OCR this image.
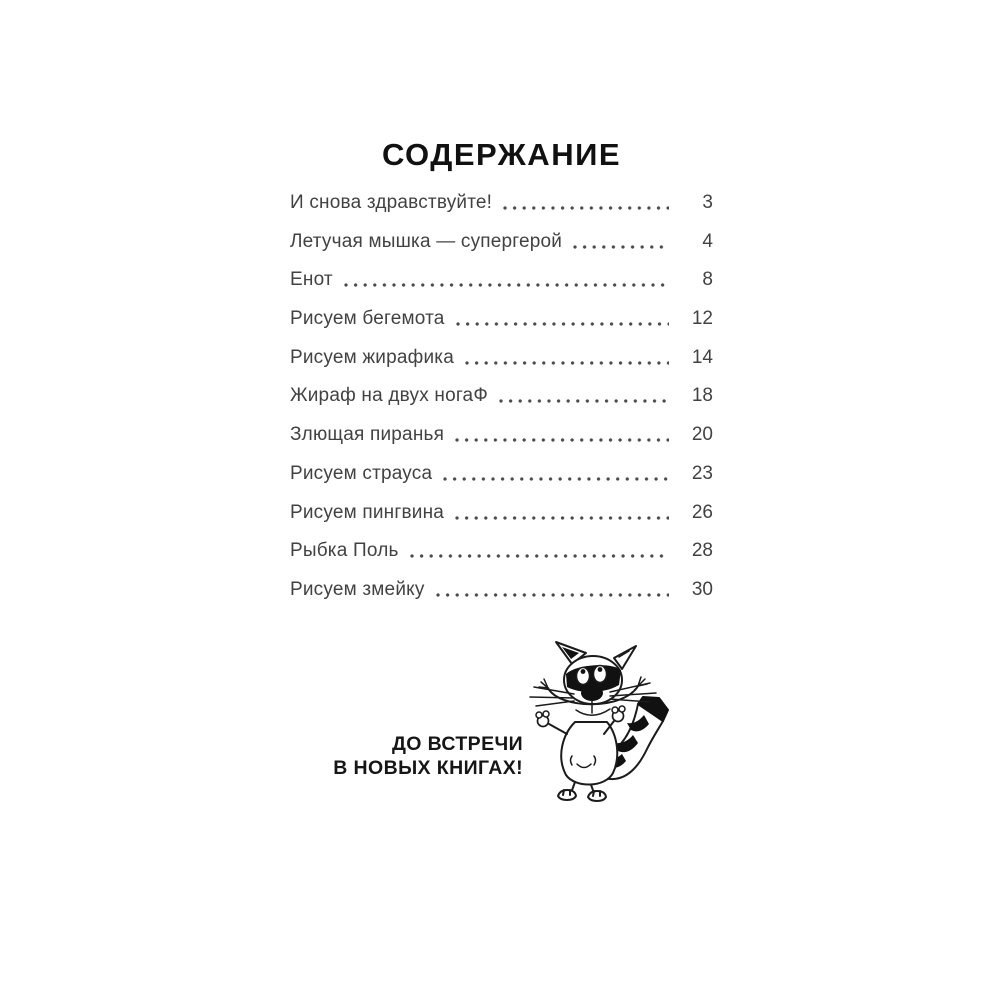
СОДЕРЖАНИЕ
И снова здравствуйте!	3
Летучая мышка — супергерой	4
Енот	8
Рисуем бегемота	12
Рисуем жирафика	14
Жираф на двух ногаФ	18
Злющая пиранья	20
Рисуем страуса	23
Рисуем пингвина	26
Рыбка Поль	28
Рисуем змейку	30
ДО ВСТРЕЧИ
В НОВЫХ КНИГАХ!
